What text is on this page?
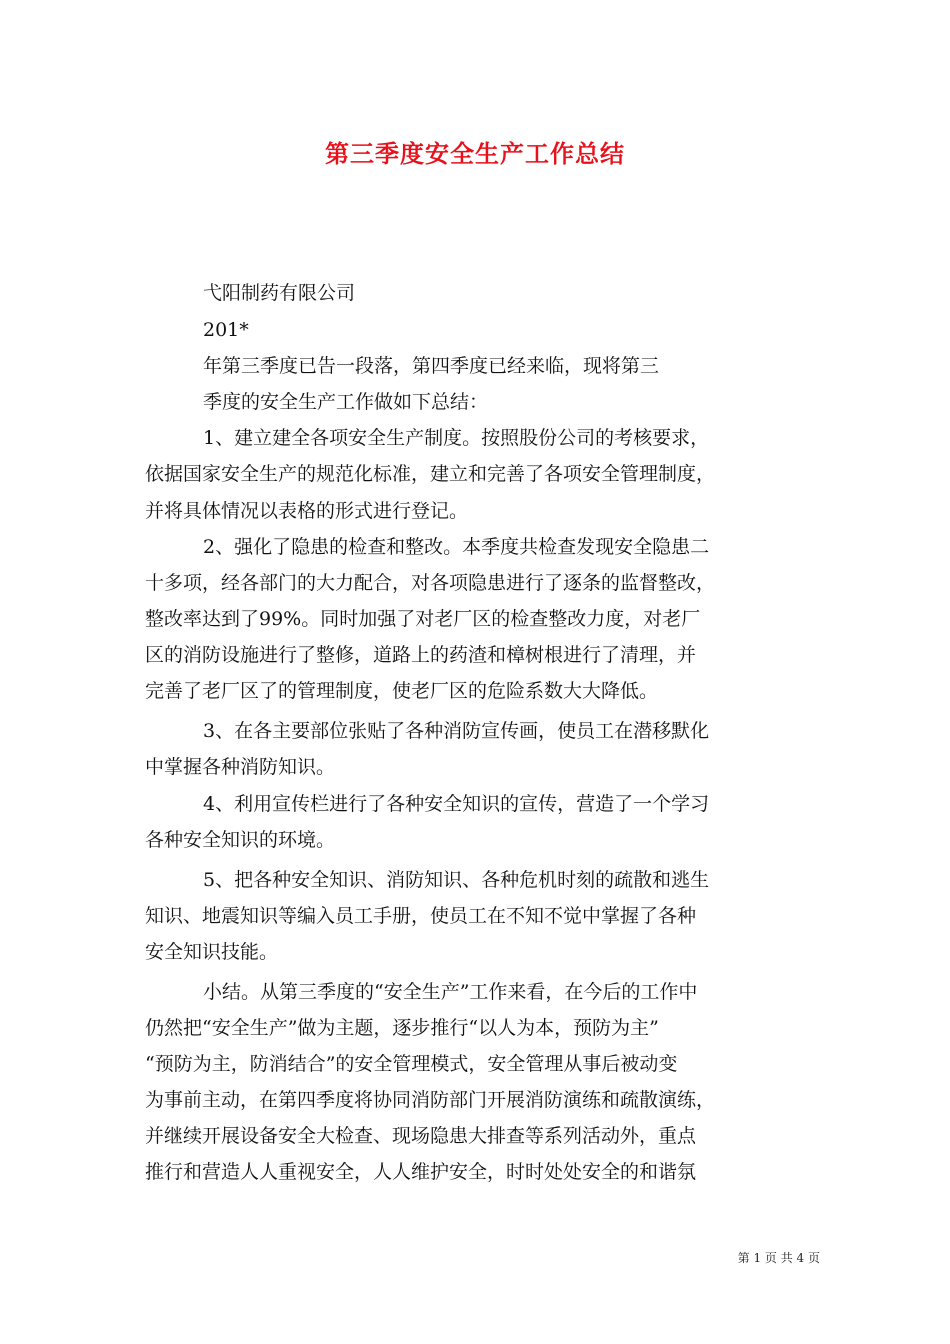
第三季度安全生产工作总结
弋阳制药有限公司
201*
年第三季度已告一段落，第四季度已经来临，现将第三
季度的安全生产工作做如下总结：
1、建立建全各项安全生产制度。按照股份公司的考核要求，
依据国家安全生产的规范化标准，建立和完善了各项安全管理制度，
并将具体情况以表格的形式进行登记。
2、强化了隐患的检查和整改。本季度共检查发现安全隐患二
十多项，经各部门的大力配合，对各项隐患进行了逐条的监督整改，
整改率达到了99%。同时加强了对老厂区的检查整改力度，对老厂
区的消防设施进行了整修，道路上的药渣和樟树根进行了清理，并
完善了老厂区了的管理制度，使老厂区的危险系数大大降低。
3、在各主要部位张贴了各种消防宣传画，使员工在潜移默化
中掌握各种消防知识。
4、利用宣传栏进行了各种安全知识的宣传，营造了一个学习
各种安全知识的环境。
5、把各种安全知识、消防知识、各种危机时刻的疏散和逃生
知识、地震知识等编入员工手册，使员工在不知不觉中掌握了各种
安全知识技能。
小结。从第三季度的“安全生产”工作来看，在今后的工作中
仍然把“安全生产”做为主题，逐步推行“以人为本，预防为主”
“预防为主，防消结合”的安全管理模式，安全管理从事后被动变
为事前主动，在第四季度将协同消防部门开展消防演练和疏散演练，
并继续开展设备安全大检查、现场隐患大排查等系列活动外，重点
推行和营造人人重视安全，人人维护安全，时时处处安全的和谐氛
第 1 页 共 4 页
